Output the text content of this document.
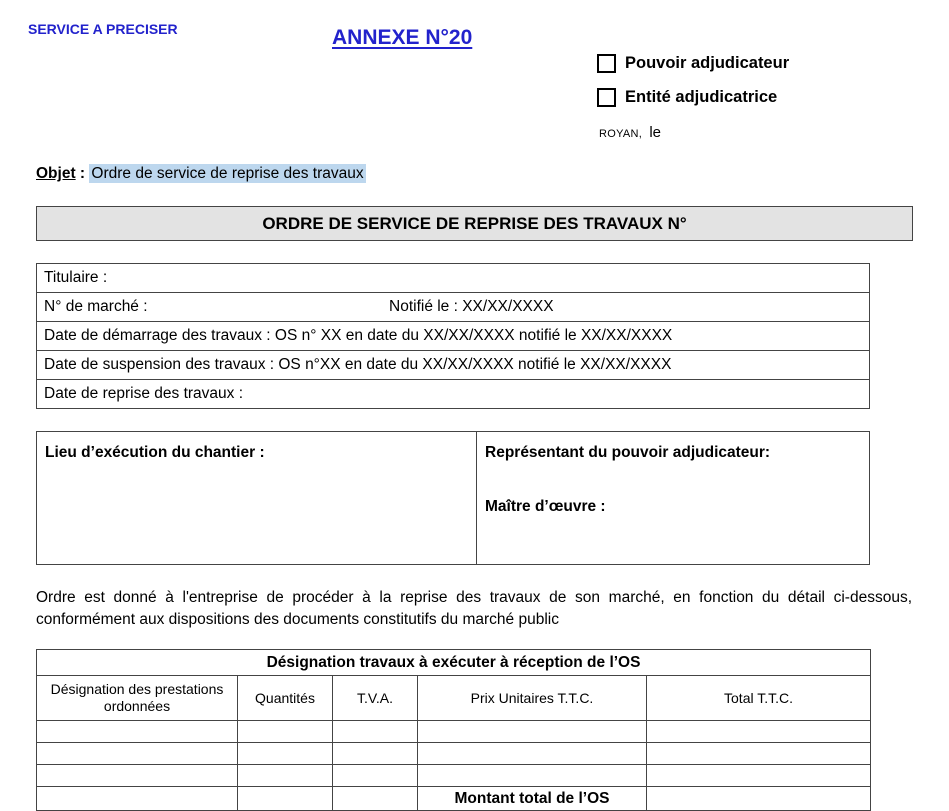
SERVICE A PRECISER	ANNEXE N°20
Pouvoir adjudicateur
Entité adjudicatrice
ROYAN, le
Objet : Ordre de service de reprise des travaux
ORDRE DE SERVICE DE REPRISE DES TRAVAUX N°
Titulaire :
N° de marché :	Notifié le : XX/XX/XXXX

Date de démarrage des travaux : OS n° XX en date du XX/XX/XXXX notifié le XX/XX/XXXX
Date de suspension des travaux : OS n°XX en date du XX/XX/XXXX notifié le XX/XX/XXXX
Date de reprise des travaux :
Lieu d’exécution du chantier :	Représentant du pouvoir adjudicateur:
Maître d’œuvre :
Ordre est donné à l'entreprise de procéder à la reprise des travaux de son marché, en fonction du détail ci-dessous, conformément aux dispositions des documents constitutifs du marché public
Désignation travaux à exécuter à réception de l’OS				
Désignation des prestations ordonnées	Quantités	T.V.A.	Prix Unitaires T.T.C.	Total T.T.C.

			Montant total de l’OS	
